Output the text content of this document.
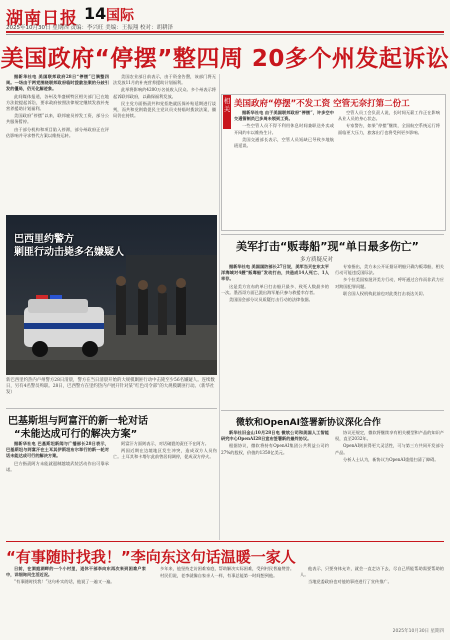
湖南日报 14 国际
2025年10月30日 星期四 责编：李兴旺 美编：王振翔 校对：胡耕泽
美国政府“停摆”整四周 20多个州发起诉讼

据新华社电 美国联邦政府28日“停摆”已满整四周。一场由于两党围绕联邦政府临时拨款法案的分歧引发的僵局，仍无化解迹象。

此间媒体报道，各州及华盛顿特区相关部门已在地方法院提起诉讼，要求政府按照法律规定继续发放补充营养援助计划福利。

美国政府“停摆”以来，联邦雇员停发工资，部分公共服务暂停。

由于部分机构和项目陷入停滞，部分州政府正在评估影响并寻求替代方案以维持运转。

美国农业部日前表示，由于资金告罄，该部门将无法发放11月的补充营养援助计划福利。

此举将影响约4200万名低收入民众。多个州表示将起诉联邦政府，以确保福利发放。

民主党方面指责共和党拒绝就医保补贴延期进行谈判，而共和党则敦促民主党议员支持临时拨款法案，僵局仍在持续。

相关 美国政府“停摆”不发工资 空管无奈打第二份工

据新华社电 由于美国联邦政府“停摆”，许多空中交通管制员已多周未领到工资。

一些空管人员不得不利用休息时间兼职送外卖或开网约车以维持生计。

美国交通部长表示，空管人员短缺已导致多地航班延误。

空管人员工会负责人说，长时间无薪工作正在影响从业人员的身心状态。

专家警告，如果“停摆”继续，全国航空系统运行将面临更大压力，旅客出行也将受到更多影响。

巴西里约警方
剿匪行动击毙多名嫌疑人
新巴西里约热内卢州警方28日清晨，警方在当日清晨开始的大规模剿匪行动中击毙至少56名嫌疑人。连续数日，另有4名警员殉职。28日，巴西警方在里约热内卢展开针对某“红色司令部”的大规模剿匪行动。（新华社发）
美军打击“贩毒船”现“单日最多伤亡”
多方质疑反对

据新华社电 美国国防部长27日说，美军当天在东太平洋海域对4艘“贩毒船”发动打击，共造成14人死亡、1人幸存。

这是美方宣布的单日打击船只最多、致死人数最多的一次。墨西哥方面已派出海军船只参与救援幸存者。

美国国会部分议员质疑打击行动的法律依据。

专家指出，美方未公开证据证明船只确为贩毒船，相关行动可能违反国际法。

多个拉美国家批评美方行动，呼吁通过合作而非武力应对跨国犯罪问题。

联合国人权机构此前也对此类打击表达关切。

巴基斯坦与阿富汗的新一轮对话
“未能达成可行的解决方案”

据新华社电 巴基斯坦新闻与广播部长28日表示，巴基斯坦与阿富汗在土耳其伊斯坦布尔举行的新一轮对话未能达成可行的解决方案。

巴方指责阿方未能就遏制越境武装活动作出可靠承诺。

阿富汗方面则表示，对话破裂的责任不在阿方。

两国近期在边境地区发生冲突，造成双方人员伤亡。土耳其和卡塔尔此前曾居间调停，促成双方停火。

微软和OpenAI签署新协议深化合作

新华社旧金山10月28日电 微软公司和美国人工智能研究中心OpenAI28日宣布签署新的最终协议。

根据协议，微软将持有OpenAI集团公共利益公司约27%的股权，价值约1350亿美元。

协议还规定，微软将继续享有相关模型和产品的知识产权，直至2032年。

OpenAI则获得更大灵活性，可与第三方共同开发部分产品。

分析人士认为，新协议为OpenAI重组扫清了障碍。

“有事随时找我！”李向东这句话温暖一家人

日前，在洞庭湖畔的一个小村里，退休干部李向东再次来到困难户家中，详细询问生活近况。

“有事随时找我！”这句朴实的话，他说了一遍又一遍。

多年来，他坚持走访困难家庭，帮助解决实际困难，受到村民普遍赞誉。

村民们说，老李就像自家亲人一样，有事总能第一时间想到他。

他表示，只要身体允许，就会一直走访下去，尽自己所能帮助需要帮助的人。

当地党委政府也对他的事迹进行了宣传推广。

2025年10月30日 星期四
